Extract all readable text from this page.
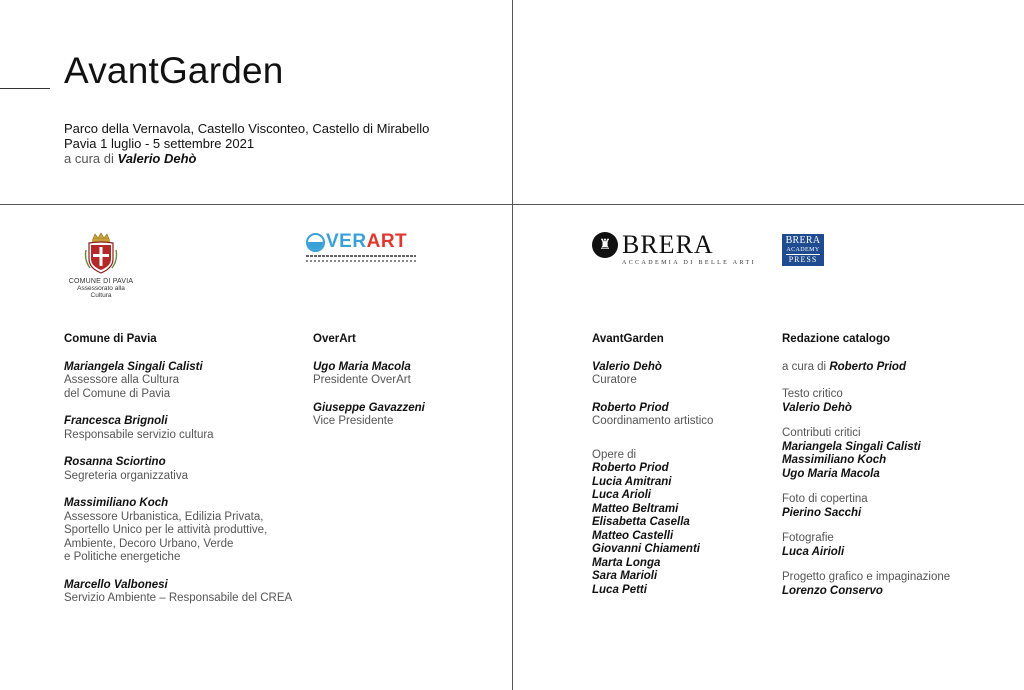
AvantGarden
Parco della Vernavola, Castello Visconteo, Castello di Mirabello
Pavia 1 luglio - 5 settembre 2021
a cura di Valerio Dehò
COMUNE DI PAVIA
Assessorato alla Cultura
VER A RT	♜ BRERA
ACCADEMIA DI BELLE ARTI
BRERA
ACADEMY
PRESS
Comune di Pavia
Mariangela Singali Calisti
Assessore alla Cultura
del Comune di Pavia
Francesca Brignoli
Responsabile servizio cultura
Rosanna Sciortino
Segreteria organizzativa
Massimiliano Koch
Assessore Urbanistica, Edilizia Privata,
Sportello Unico per le attività produttive,
Ambiente, Decoro Urbano, Verde
e Politiche energetiche
Marcello Valbonesi
Servizio Ambiente – Responsabile del CREA
OverArt
Ugo Maria Macola
Presidente OverArt
Giuseppe Gavazzeni
Vice Presidente
AvantGarden
Valerio Dehò
Curatore
Roberto Priod
Coordinamento artistico
Opere di
Roberto Priod
Lucia Amitrani
Luca Arioli
Matteo Beltrami
Elisabetta Casella
Matteo Castelli
Giovanni Chiamenti
Marta Longa
Sara Marioli
Luca Petti
Redazione catalogo
a cura di Roberto Priod
Testo critico
Valerio Dehò
Contributi critici
Mariangela Singali Calisti
Massimiliano Koch
Ugo Maria Macola
Foto di copertina
Pierino Sacchi
Fotografie
Luca Airioli
Progetto grafico e impaginazione
Lorenzo Conservo
